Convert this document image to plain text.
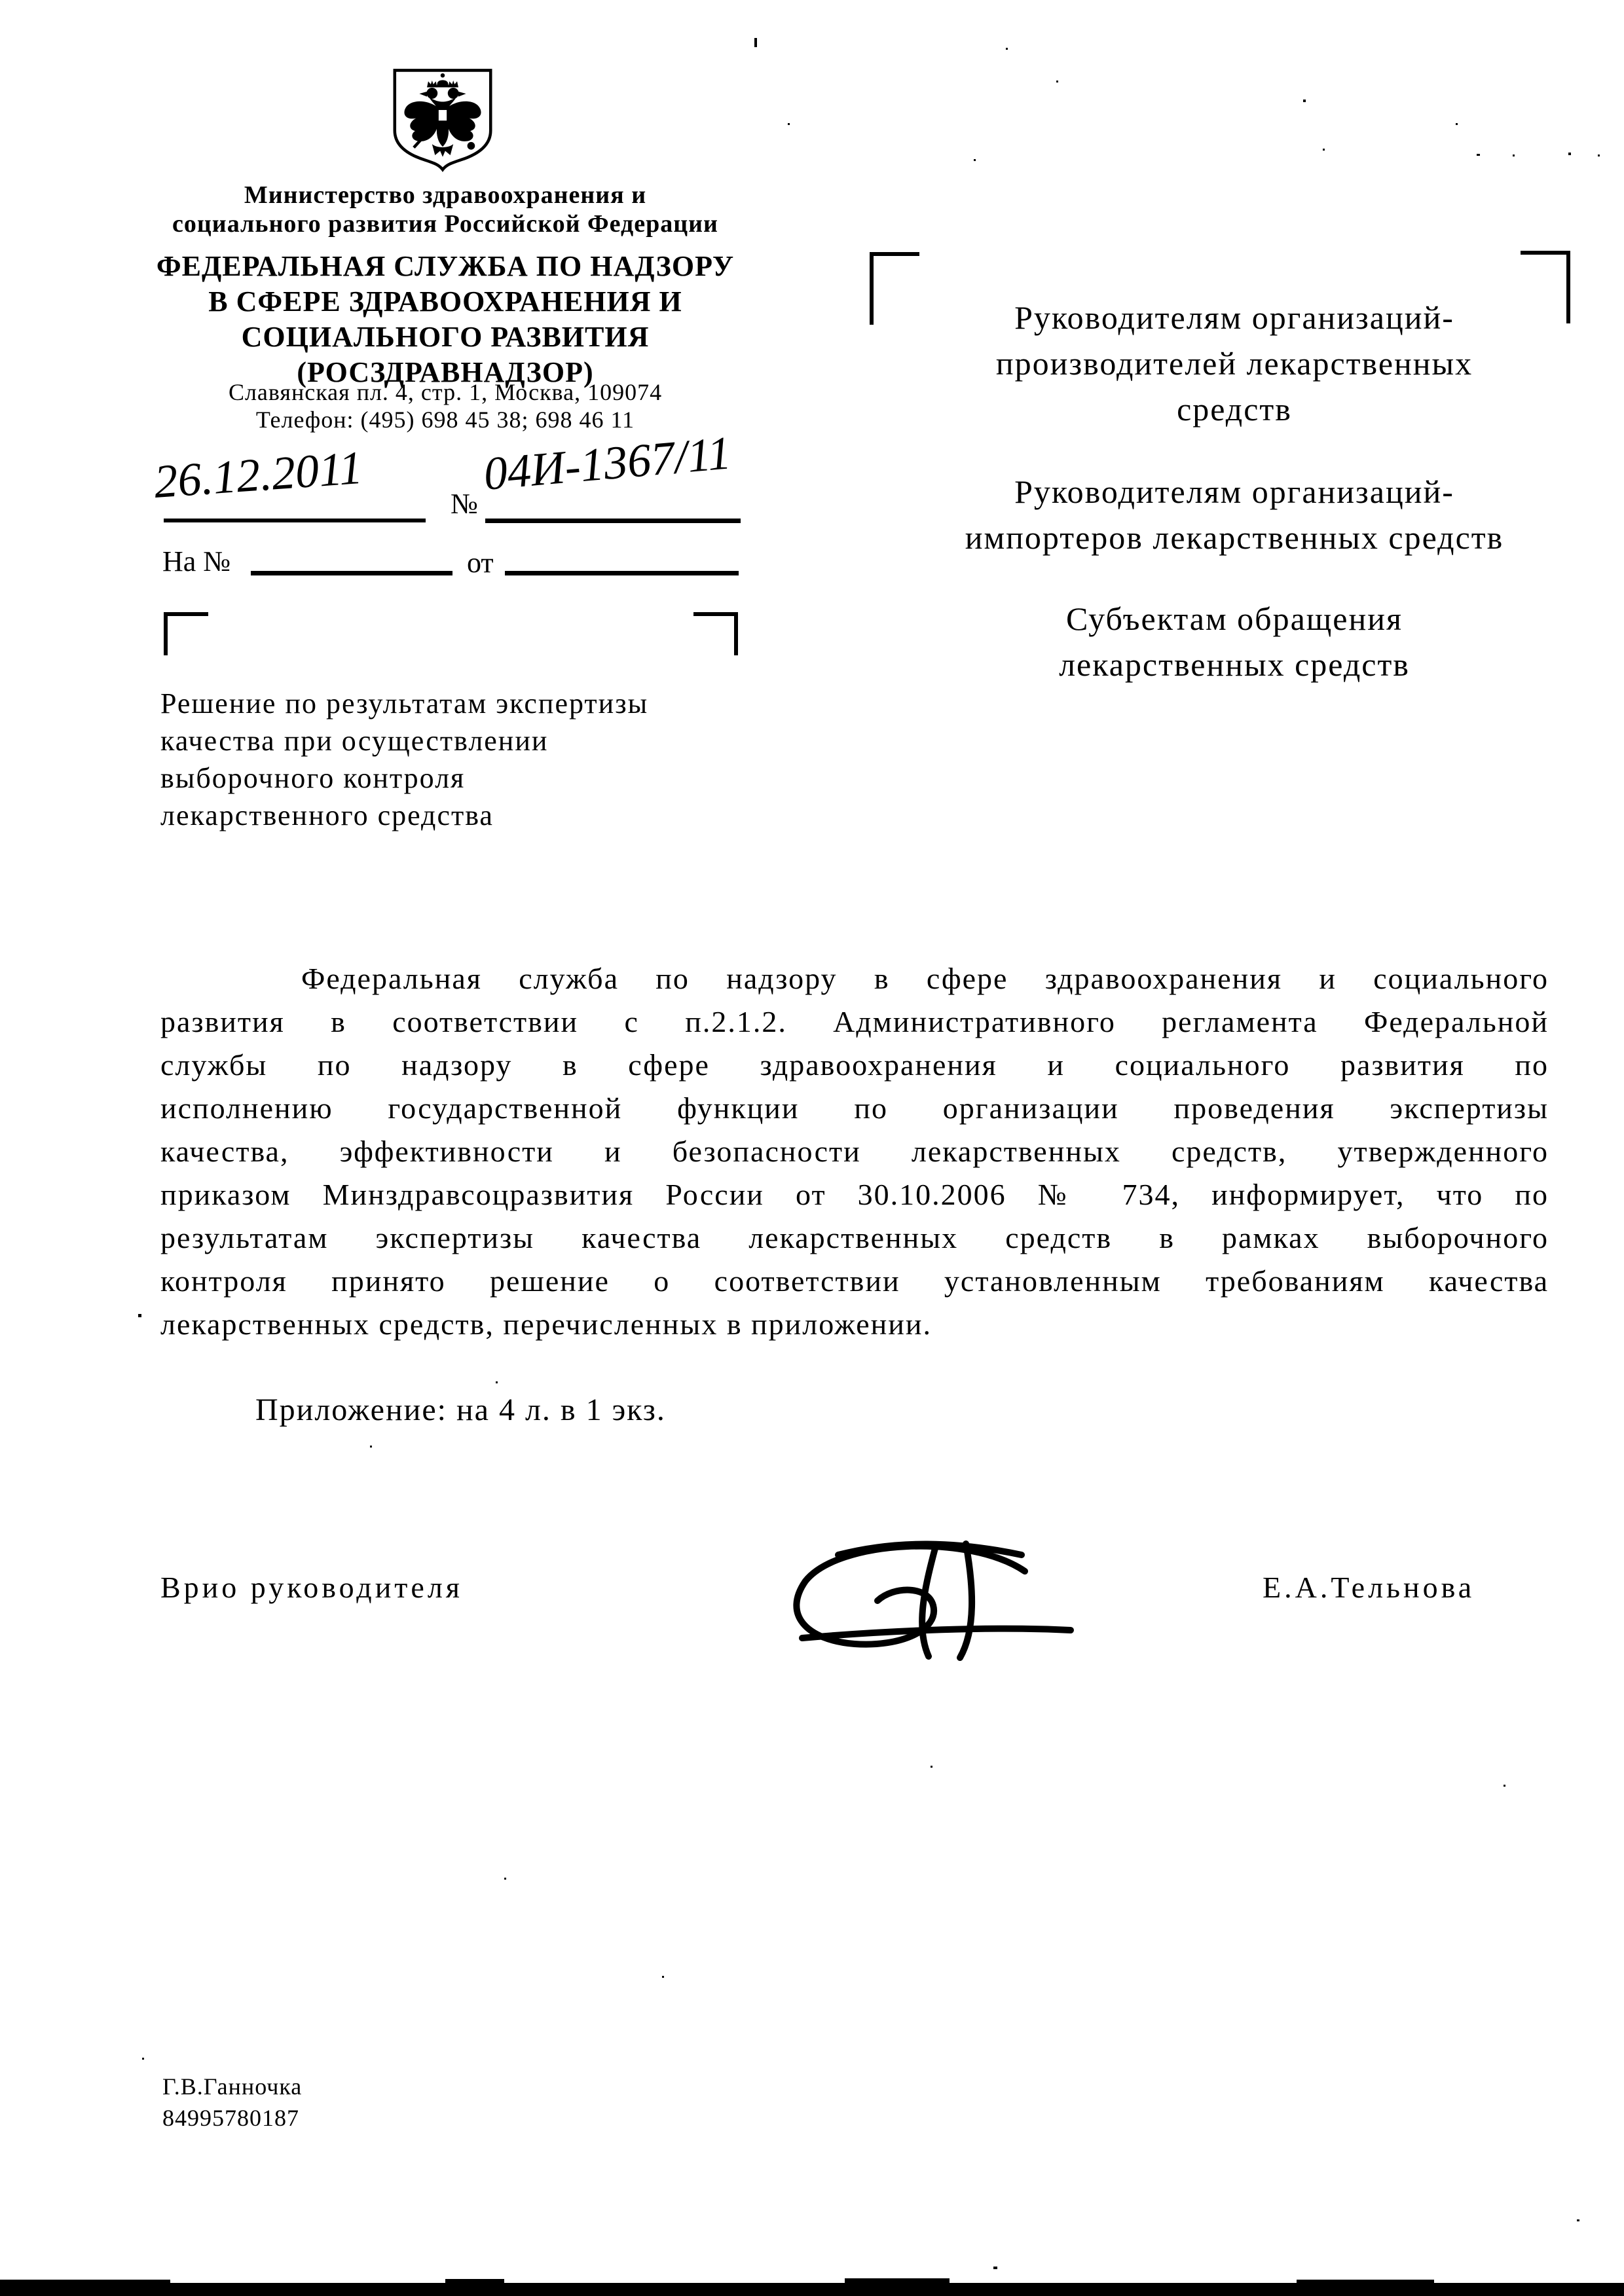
Министерство здравоохранения и
социального развития Российской Федерации
ФЕДЕРАЛЬНАЯ СЛУЖБА ПО НАДЗОРУ
В СФЕРЕ ЗДРАВООХРАНЕНИЯ И
СОЦИАЛЬНОГО РАЗВИТИЯ
(РОСЗДРАВНАДЗОР)
Славянская пл. 4, стр. 1, Москва, 109074
Телефон: (495) 698 45 38; 698 46 11
26.12.2011	№
04И-1367/11
На №	от
Решение по результатам экспертизы
качества при осуществлении
выборочного контроля
лекарственного средства
Руководителям организаций-
производителей лекарственных
средств
Руководителям организаций-
импортеров лекарственных средств
Субъектам обращения
лекарственных средств
Федеральная служба по надзору в сфере здравоохранения и социального
развития в соответствии с п.2.1.2. Административного регламента Федеральной
службы по надзору в сфере здравоохранения и социального развития по
исполнению государственной функции по организации проведения экспертизы
качества, эффективности и безопасности лекарственных средств, утвержденного
приказом Минздравсоцразвития России от 30.10.2006 № 734, информирует, что по
результатам экспертизы качества лекарственных средств в рамках выборочного
контроля принято решение о соответствии установленным требованиям качества
лекарственных средств, перечисленных в приложении.
Приложение: на 4 л. в 1 экз.
Врио руководителя	Е.А.Тельнова
Г.В.Ганночка
84995780187
